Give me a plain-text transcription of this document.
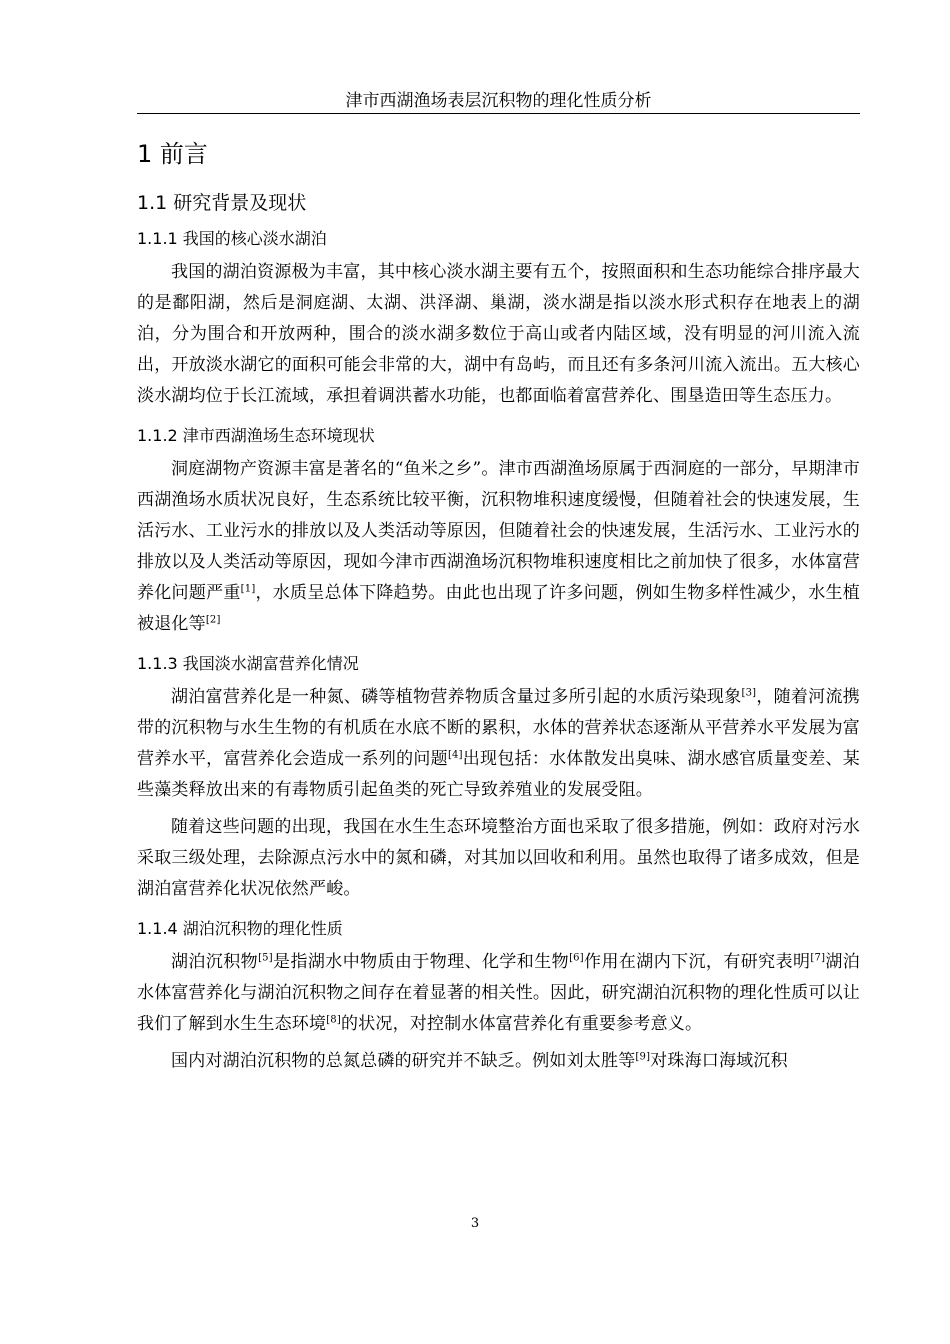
津市西湖渔场表层沉积物的理化性质分析
1 前言
1.1 研究背景及现状
1.1.1 我国的核心淡水湖泊

我国的湖泊资源极为丰富，其中核心淡水湖主要有五个，按照面积和生态功能综合排序最大的是鄱阳湖，然后是洞庭湖、太湖、洪泽湖、巢湖，淡水湖是指以淡水形式积存在地表上的湖泊，分为围合和开放两种，围合的淡水湖多数位于高山或者内陆区域，没有明显的河川流入流出，开放淡水湖它的面积可能会非常的大，湖中有岛屿，而且还有多条河川流入流出。五大核心淡水湖均位于长江流域，承担着调洪蓄水功能，也都面临着富营养化、围垦造田等生态压力。

1.1.2 津市西湖渔场生态环境现状

洞庭湖物产资源丰富是著名的“鱼米之乡”。津市西湖渔场原属于西洞庭的一部分，早期津市西湖渔场水质状况良好，生态系统比较平衡，沉积物堆积速度缓慢，但随着社会的快速发展，生活污水、工业污水的排放以及人类活动等原因，但随着社会的快速发展，生活污水、工业污水的排放以及人类活动等原因，现如今津市西湖渔场沉积物堆积速度相比之前加快了很多，水体富营养化问题严重[1]，水质呈总体下降趋势。由此也出现了许多问题，例如生物多样性减少，水生植被退化等[2]

1.1.3 我国淡水湖富营养化情况

湖泊富营养化是一种氮、磷等植物营养物质含量过多所引起的水质污染现象[3]，随着河流携带的沉积物与水生生物的有机质在水底不断的累积，水体的营养状态逐渐从平营养水平发展为富营养水平，富营养化会造成一系列的问题[4]出现包括：水体散发出臭味、湖水感官质量变差、某些藻类释放出来的有毒物质引起鱼类的死亡导致养殖业的发展受阻。

随着这些问题的出现，我国在水生生态环境整治方面也采取了很多措施，例如：政府对污水采取三级处理，去除源点污水中的氮和磷，对其加以回收和利用。虽然也取得了诸多成效，但是湖泊富营养化状况依然严峻。

1.1.4 湖泊沉积物的理化性质

湖泊沉积物[5]是指湖水中物质由于物理、化学和生物[6]作用在湖内下沉，有研究表明[7]湖泊水体富营养化与湖泊沉积物之间存在着显著的相关性。因此，研究湖泊沉积物的理化性质可以让我们了解到水生生态环境[8]的状况，对控制水体富营养化有重要参考意义。

国内对湖泊沉积物的总氮总磷的研究并不缺乏。例如刘太胜等[9]对珠海口海域沉积

3
